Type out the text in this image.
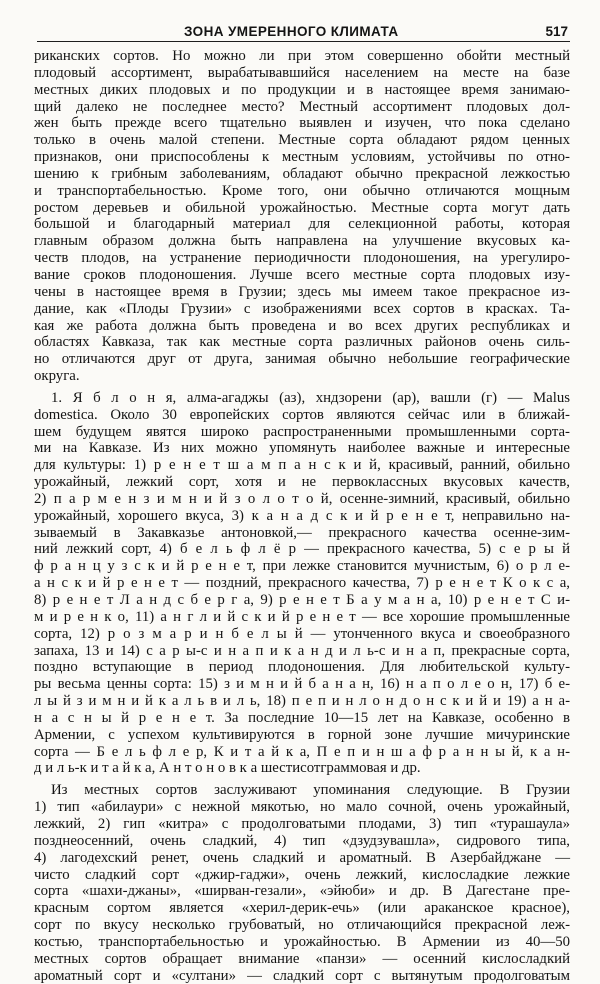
ЗОНА УМЕРЕННОГО КЛИМАТА	517
риканских сортов. Но можно ли при этом совершенно обойти местный
плодовый ассортимент, вырабатывавшийся населением на месте на базе
местных диких плодовых и по продукции и в настоящее время занимаю-
щий далеко не последнее место? Местный ассортимент плодовых дол-
жен быть прежде всего тщательно выявлен и изучен, что пока сделано
только в очень малой степени. Местные сорта обладают рядом ценных
признаков, они приспособлены к местным условиям, устойчивы по отно-
шению к грибным заболеваниям, обладают обычно прекрасной лежкостью
и транспортабельностью. Кроме того, они обычно отличаются мощным
ростом деревьев и обильной урожайностью. Местные сорта могут дать
большой и благодарный материал для селекционной работы, которая
главным образом должна быть направлена на улучшение вкусовых ка-
честв плодов, на устранение периодичности плодоношения, на урегулиро-
вание сроков плодоношения. Лучше всего местные сорта плодовых изу-
чены в настоящее время в Грузии; здесь мы имеем такое прекрасное из-
дание, как «Плоды Грузии» с изображениями всех сортов в красках. Та-
кая же работа должна быть проведена и во всех других республиках и
областях Кавказа, так как местные сорта различных районов очень силь-
но отличаются друг от друга, занимая обычно небольшие географические
округа.
1. Я б л о н я, алма-агаджы (аз), хндзорени (ар), вашли (г) — Malus
domestica. Около 30 европейских сортов являются сейчас или в ближай-
шем будущем явятся широко распространенными промышленными сорта-
ми на Кавказе. Из них можно упомянуть наиболее важные и интересные
для культуры: 1) р е н е т ш а м п а н с к и й, красивый, ранний, обильно
урожайный, лежкий сорт, хотя и не первоклассных вкусовых качеств,
2) п а р м е н з и м н и й з о л о т о й, осенне-зимний, красивый, обильно
урожайный, хорошего вкуса, 3) к а н а д с к и й р е н е т, неправильно на-
зываемый в Закавказье антоновкой,— прекрасного качества осенне-зим-
ний лежкий сорт, 4) б е л ь ф л ё р — прекрасного качества, 5) с е р ы й
ф р а н ц у з с к и й р е н е т, при лежке становится мучнистым, 6) о р л е-
а н с к и й р е н е т — поздний, прекрасного качества, 7) р е н е т К о к с а,
8) р е н е т Л а н д с б е р г а, 9) р е н е т Б а у м а н а, 10) р е н е т С и-
м и р е н к о, 11) а н г л и й с к и й р е н е т — все хорошие промышленные
сорта, 12) р о з м а р и н б е л ы й — утонченного вкуса и своеобразного
запаха, 13 и 14) с а р ы-с и н а п и к а н д и л ь-с и н а п, прекрасные сорта,
поздно вступающие в период плодоношения. Для любительской культу-
ры весьма ценны сорта: 15) з и м н и й б а н а н, 16) н а п о л е о н, 17) б е-
л ы й з и м н и й к а л ь в и л ь, 18) п е п и н л о н д о н с к и й и 19) а н а-
н а с н ы й р е н е т. За последние 10—15 лет на Кавказе, особенно в
Армении, с успехом культивируются в горной зоне лучшие мичуринские
сорта — Б е л ь ф л е р, К и т а й к а, П е п и н ш а ф р а н н ы й, к а н-
д и л ь-к и т а й к а, А н т о н о в к а шестисотграммовая и др.
Из местных сортов заслуживают упоминания следующие. В Грузии
1) тип «абилаури» с нежной мякотью, но мало сочной, очень урожайный,
лежкий, 2) гип «китра» с продолговатыми плодами, 3) тип «турашаула»
позднеосенний, очень сладкий, 4) тип «дзудзувашла», сидрового типа,
4) лагодехский ренет, очень сладкий и ароматный. В Азербайджане —
чисто сладкий сорт «джир-гаджи», очень лежкий, кислосладкие лежкие
сорта «шахи-джаны», «ширван-гезали», «эйюби» и др. В Дагестане пре-
красным сортом является «херил-дерик-ечь» (или араканское красное),
сорт по вкусу несколько грубоватый, но отличающийся прекрасной леж-
костью, транспортабельностью и урожайностью. В Армении из 40—50
местных сортов обращает внимание «панзи» — осенний кислосладкий
ароматный сорт и «султани» — сладкий сорт с вытянутым продолговатым
